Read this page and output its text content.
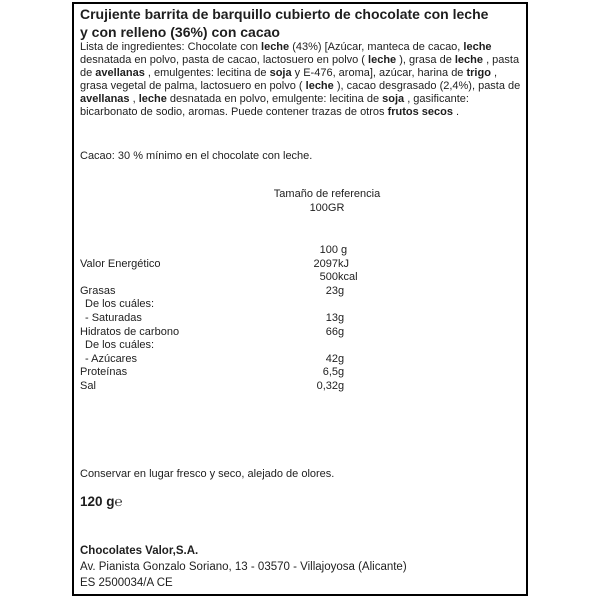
Crujiente barrita de barquillo cubierto de chocolate con leche
y con relleno (36%) con cacao

Lista de ingredientes: Chocolate con leche (43%) [Azúcar, manteca de cacao, leche desnatada en polvo, pasta de cacao, lactosuero en polvo ( leche ), grasa de leche , pasta de avellanas , emulgentes: lecitina de soja y E-476, aroma], azúcar, harina de trigo , grasa vegetal de palma, lactosuero en polvo ( leche ), cacao desgrasado (2,4%), pasta de avellanas , leche desnatada en polvo, emulgente: lecitina de soja , gasificante: bicarbonato de sodio, aromas. Puede contener trazas de otros frutos secos .

Cacao: 30 % mínimo en el chocolate con leche.

Tamaño de referencia
100GR
100 g
Valor Energético	2097 kJ
500 kcal
Grasas	23 g
De los cuáles:
- Saturadas	13 g
Hidratos de carbono	66 g
De los cuáles:
- Azúcares	42 g
Proteínas	6,5 g
Sal	0,32 g

Conservar en lugar fresco y seco, alejado de olores.

120 g℮

Chocolates Valor,S.A.
Av. Pianista Gonzalo Soriano, 13 - 03570 - Villajoyosa (Alicante)
ES 2500034/A CE
